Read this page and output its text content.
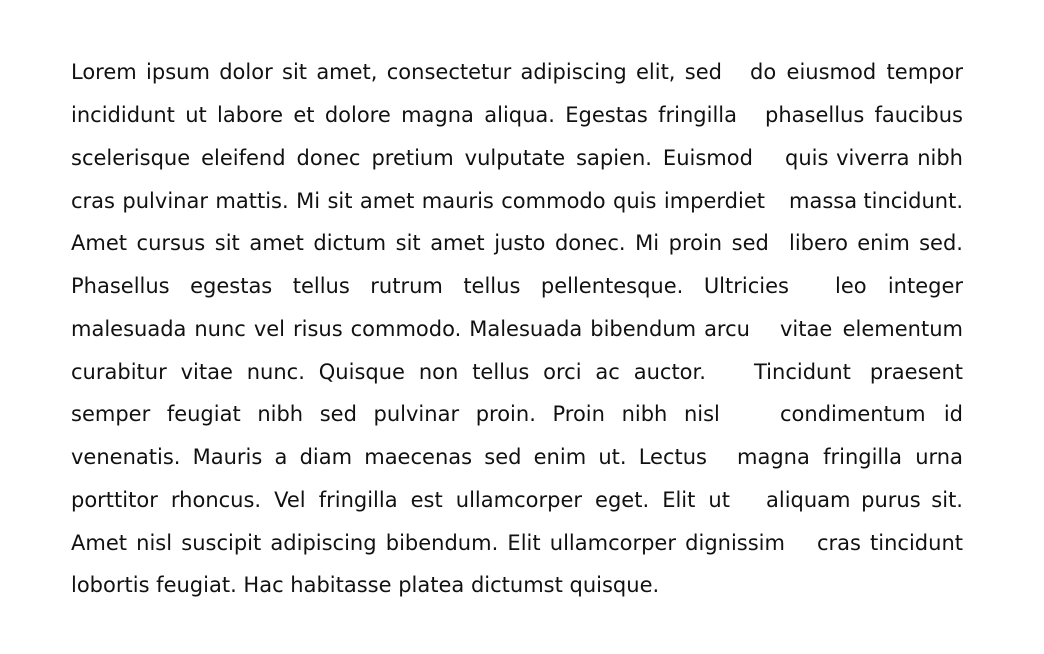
Lorem ipsum dolor sit amet, consectetur adipiscing elit, sed do eiusmod tempor
incididunt ut labore et dolore magna aliqua. Egestas fringilla phasellus faucibus
scelerisque eleifend donec pretium vulputate sapien. Euismod quis viverra nibh
cras pulvinar mattis. Mi sit amet mauris commodo quis imperdiet massa tincidunt.
Amet cursus sit amet dictum sit amet justo donec. Mi proin sed libero enim sed.
Phasellus egestas tellus rutrum tellus pellentesque. Ultricies leo integer
malesuada nunc vel risus commodo. Malesuada bibendum arcu vitae elementum
curabitur vitae nunc. Quisque non tellus orci ac auctor. Tincidunt praesent
semper feugiat nibh sed pulvinar proin. Proin nibh nisl	condimentum id
venenatis. Mauris a diam maecenas sed enim ut. Lectus magna fringilla urna
porttitor rhoncus. Vel fringilla est ullamcorper eget. Elit ut aliquam purus sit.
Amet nisl suscipit adipiscing bibendum. Elit ullamcorper dignissim cras tincidunt
lobortis feugiat. Hac habitasse platea dictumst quisque.
